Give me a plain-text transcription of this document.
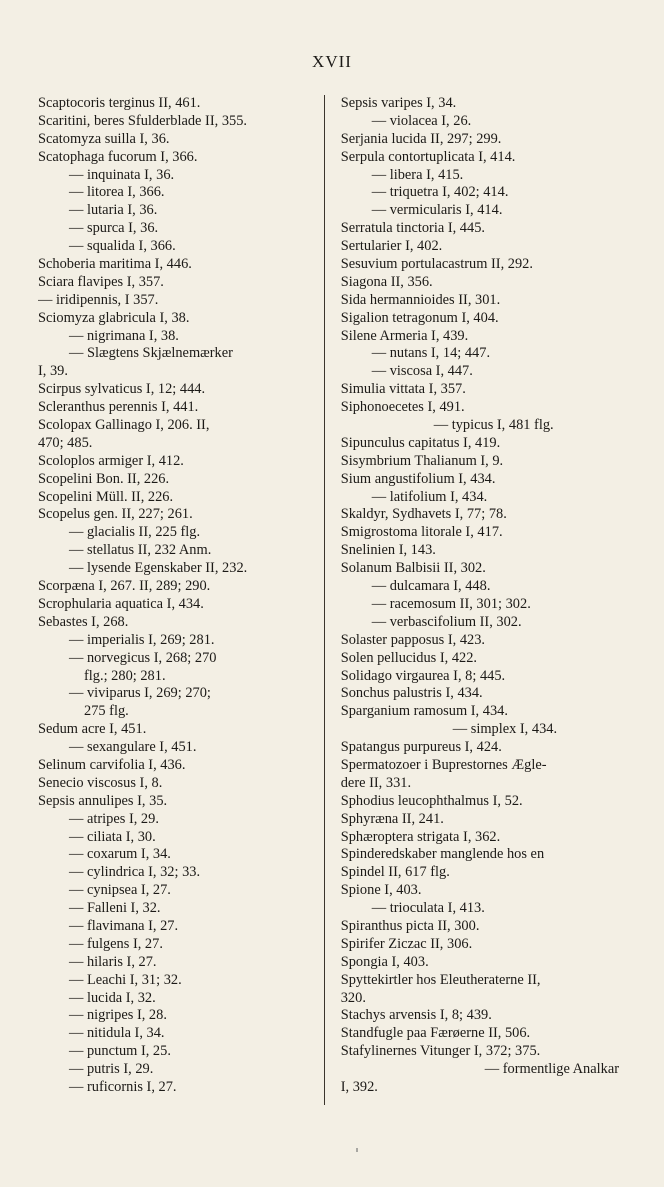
XVII
Scaptocoris terginus II, 461.
Scaritini, beres Sfulderblade II, 355.
Scatomyza suilla I, 36.
Scatophaga fucorum I, 366.
— inquinata I, 36.
— litorea I, 366.
— lutaria I, 36.
— spurca I, 36.
— squalida I, 366.
Schoberia maritima I, 446.
Sciara flavipes I, 357.
— iridipennis, I 357.
Sciomyza glabricula I, 38.
— nigrimana I, 38.
— Slægtens Skjælnemærker
I, 39.
Scirpus sylvaticus I, 12; 444.
Scleranthus perennis I, 441.
Scolopax Gallinago I, 206. II,
470; 485.
Scoloplos armiger I, 412.
Scopelini Bon. II, 226.
Scopelini Müll. II, 226.
Scopelus gen. II, 227; 261.
— glacialis II, 225 flg.
— stellatus II, 232 Anm.
— lysende Egenskaber II, 232.
Scorpæna I, 267. II, 289; 290.
Scrophularia aquatica I, 434.
Sebastes I, 268.
— imperialis I, 269; 281.
— norvegicus I, 268; 270
flg.; 280; 281.
— viviparus I, 269; 270;
275 flg.
Sedum acre I, 451.
— sexangulare I, 451.
Selinum carvifolia I, 436.
Senecio viscosus I, 8.
Sepsis annulipes I, 35.
— atripes I, 29.
— ciliata I, 30.
— coxarum I, 34.
— cylindrica I, 32; 33.
— cynipsea I, 27.
— Falleni I, 32.
— flavimana I, 27.
— fulgens I, 27.
— hilaris I, 27.
— Leachi I, 31; 32.
— lucida I, 32.
— nigripes I, 28.
— nitidula I, 34.
— punctum I, 25.
— putris I, 29.
— ruficornis I, 27.
Sepsis varipes I, 34.
— violacea I, 26.
Serjania lucida II, 297; 299.
Serpula contortuplicata I, 414.
— libera I, 415.
— triquetra I, 402; 414.
— vermicularis I, 414.
Serratula tinctoria I, 445.
Sertularier I, 402.
Sesuvium portulacastrum II, 292.
Siagona II, 356.
Sida hermannioides II, 301.
Sigalion tetragonum I, 404.
Silene Armeria I, 439.
— nutans I, 14; 447.
— viscosa I, 447.
Simulia vittata I, 357.
Siphonoecetes I, 491.
— typicus I, 481 flg.
Sipunculus capitatus I, 419.
Sisymbrium Thalianum I, 9.
Sium angustifolium I, 434.
— latifolium I, 434.
Skaldyr, Sydhavets I, 77; 78.
Smigrostoma litorale I, 417.
Snelinien I, 143.
Solanum Balbisii II, 302.
— dulcamara I, 448.
— racemosum II, 301; 302.
— verbascifolium II, 302.
Solaster papposus I, 423.
Solen pellucidus I, 422.
Solidago virgaurea I, 8; 445.
Sonchus palustris I, 434.
Sparganium ramosum I, 434.
— simplex I, 434.
Spatangus purpureus I, 424.
Spermatozoer i Buprestornes Ægle-
dere II, 331.
Sphodius leucophthalmus I, 52.
Sphyræna II, 241.
Sphæroptera strigata I, 362.
Spinderedskaber manglende hos en
Spindel II, 617 flg.
Spione I, 403.
— trioculata I, 413.
Spiranthus picta II, 300.
Spirifer Ziczac II, 306.
Spongia I, 403.
Spyttekirtler hos Eleutheraterne II,
320.
Stachys arvensis I, 8; 439.
Standfugle paa Færøerne II, 506.
Stafylinernes Vitunger I, 372; 375.
— formentlige Analkar
I, 392.
